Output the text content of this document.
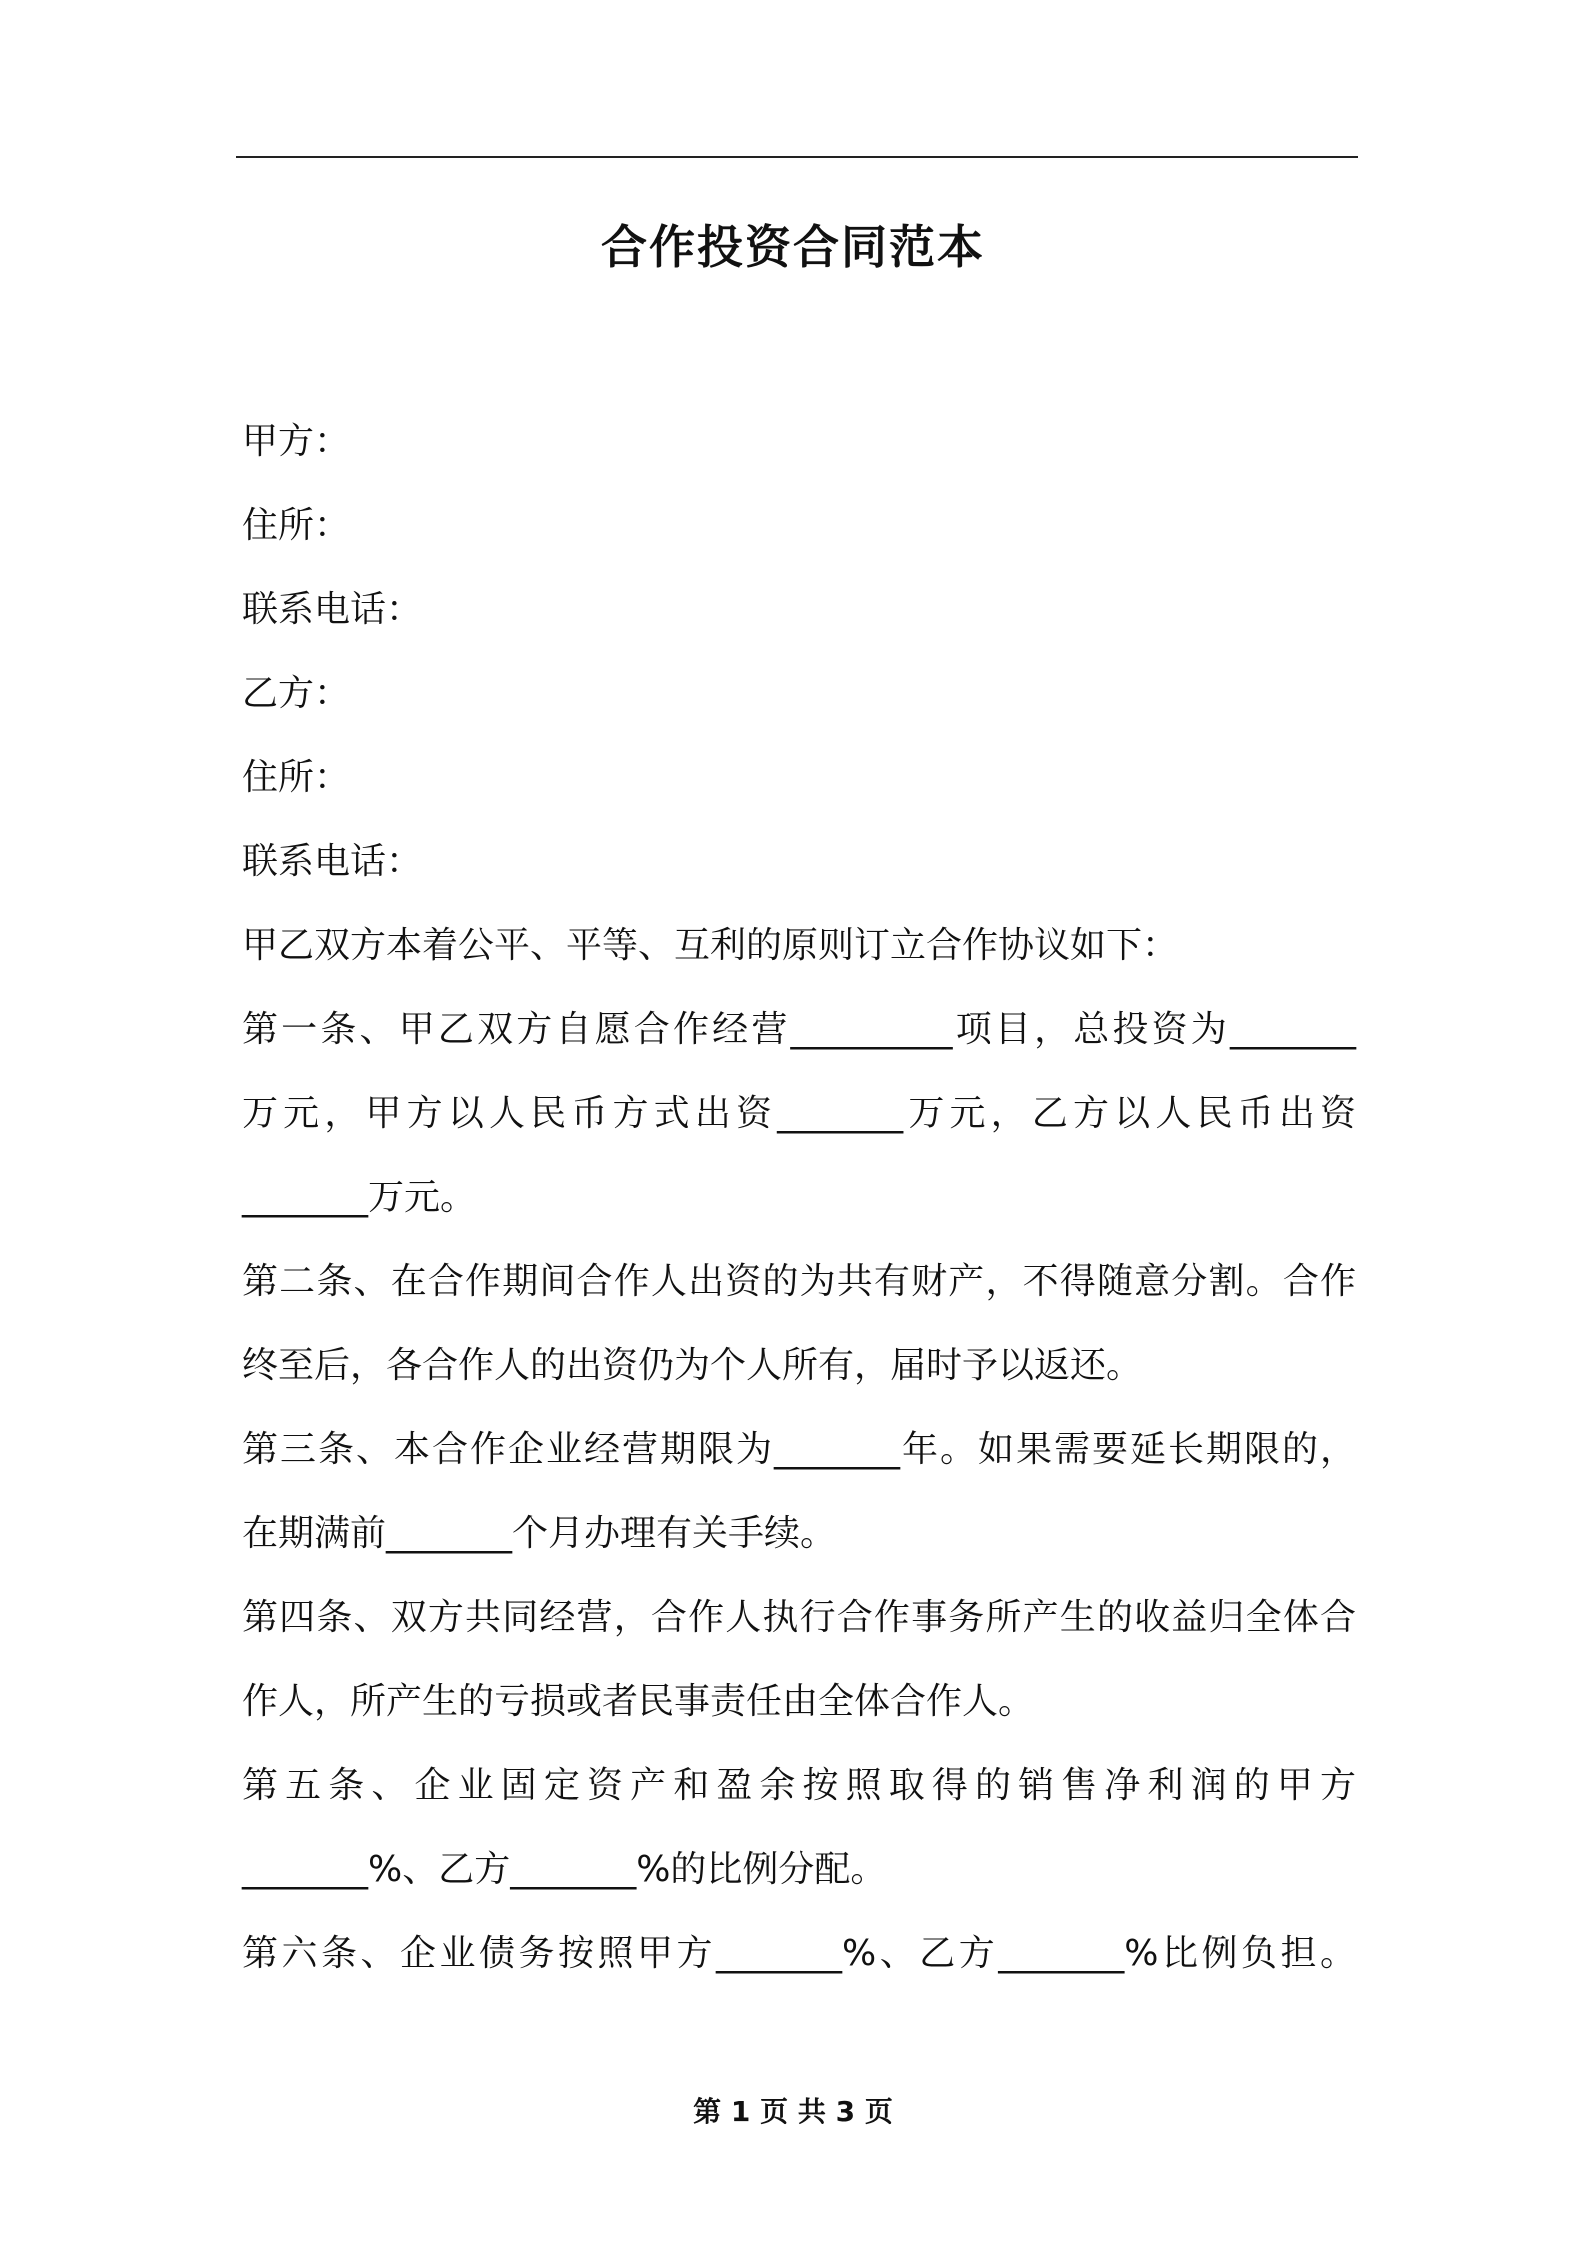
合作投资合同范本
甲方：
住所：
联系电话：
乙方：
住所：
联系电话：
甲乙双方本着公平、平等、互利的原则订立合作协议如下：
第一条、甲乙双方自愿合作经营_________项目，总投资为_______
万元，甲方以人民币方式出资_______万元，乙方以人民币出资
_______万元。
第二条、在合作期间合作人出资的为共有财产，不得随意分割。合作
终至后，各合作人的出资仍为个人所有，届时予以返还。
第三条、本合作企业经营期限为_______年。如果需要延长期限的，
在期满前_______个月办理有关手续。
第四条、双方共同经营，合作人执行合作事务所产生的收益归全体合
作人，所产生的亏损或者民事责任由全体合作人。
第五条、企业固定资产和盈余按照取得的销售净利润的甲方
_______%、乙方_______%的比例分配。
第六条、企业债务按照甲方_______%、乙方_______%比例负担。
第 1 页 共 3 页
